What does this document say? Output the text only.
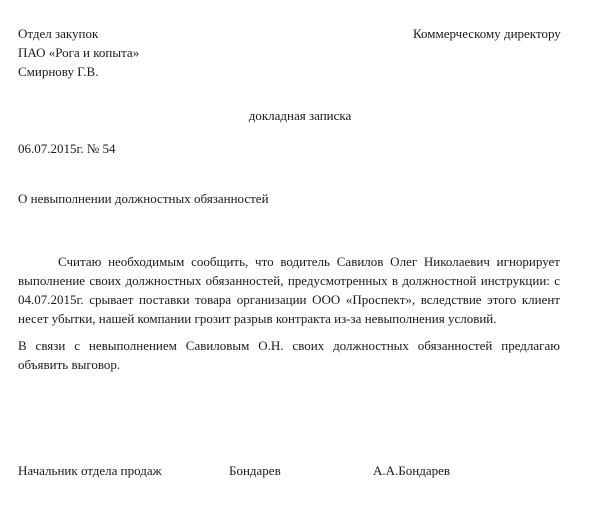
Отдел закупок
ПАО «Рога и копыта»
Смирнову Г.В.
Коммерческому директору
докладная записка
06.07.2015г. № 54
О невыполнении должностных обязанностей

Считаю необходимым сообщить, что водитель Савилов Олег Николаевич игнорирует выполнение своих должностных обязанностей, предусмотренных в должностной инструкции: с 04.07.2015г. срывает поставки товара организации ООО «Проспект», вследствие этого клиент несет убытки, нашей компании грозит разрыв контракта из-за невыполнения условий.

В связи с невыполнением Савиловым О.Н. своих должностных обязанностей предлагаю объявить выговор.

Начальник отдела продаж	Бондарев	А.А.Бондарев
